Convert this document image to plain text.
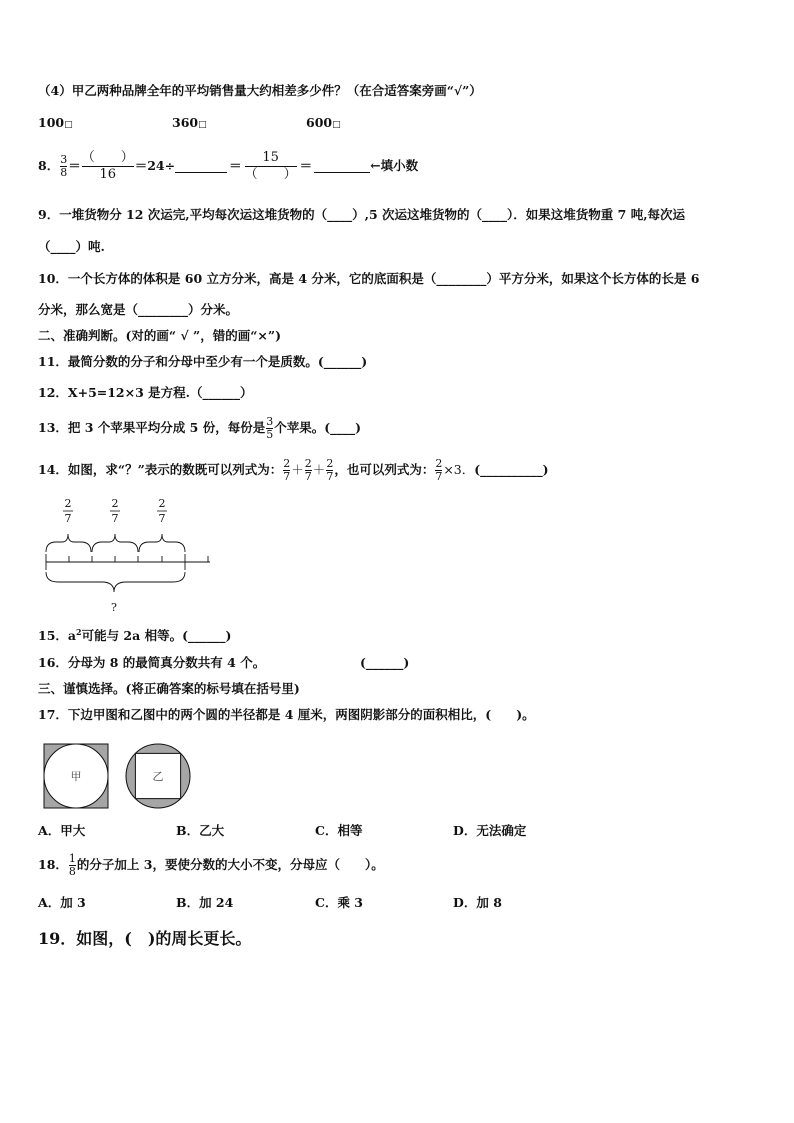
（4）甲乙两种品牌全年的平均销售量大约相差多少件？（在合适答案旁画“√”）
100□	360□	600□
8． $\frac{3}{8} = \frac{( )}{16} =24\div$	＝ $\frac{15}{( )}$ ＝	←填小数
9．一堆货物分 12 次运完,平均每次运这堆货物的（____）,5 次运这堆货物的（____）．如果这堆货物重 7 吨,每次运
（____）吨.
10．一个长方体的体积是 60 立方分米，高是 4 分米，它的底面积是（________）平方分米，如果这个长方体的长是 6
分米，那么宽是（________）分米。
二、准确判断。(对的画“ √ ”，错的画“×”)
11．最简分数的分子和分母中至少有一个是质数。(______)
12．X+5=12×3 是方程.（______）
13．把 3 个苹果平均分成 5 份，每份是 $\frac{3}{5}$ 个苹果。(____)
14．如图，求“？”表示的数既可以列式为： $\frac{2}{7} + \frac{2}{7} + \frac{2}{7}$ ，也可以列式为： $\frac{2}{7} \times 3$． (__________)
2
7
2
7
2
7
?
15．$a^2$可能与 2a 相等。(______)
16．分母为 8 的最简真分数共有 4 个。	(______)
三、谨慎选择。(将正确答案的标号填在括号里)
17．下边甲图和乙图中的两个圆的半径都是 4 厘米，两图阴影部分的面积相比，(　　)。
甲	乙
A．甲大	B．乙大	C．相等	D．无法确定
18． $\frac{1}{8}$ 的分子加上 3，要使分数的大小不变，分母应（　　）。
A．加 3	B．加 24	C．乘 3	D．加 8
19．如图，(　)的周长更长。
